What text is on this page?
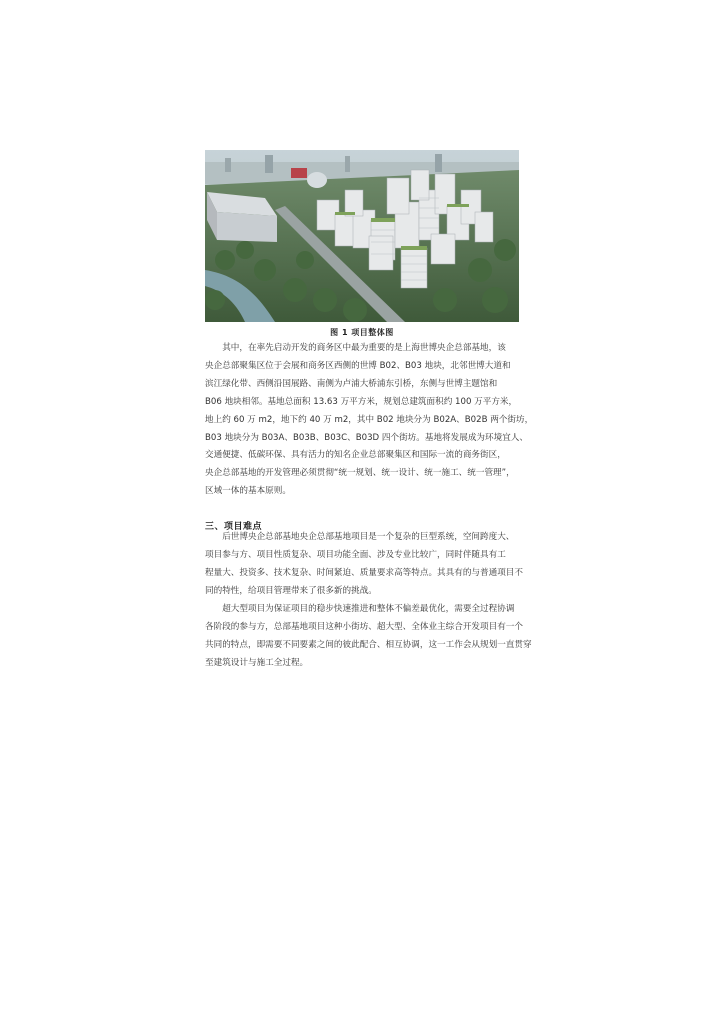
图 1 项目整体图
　　其中，在率先启动开发的商务区中最为重要的是上海世博央企总部基地，该
央企总部聚集区位于会展和商务区西侧的世博 B02、B03 地块，北邻世博大道和
滨江绿化带、西侧沿国展路、南侧为卢浦大桥浦东引桥，东侧与世博主题馆和
B06 地块相邻。基地总面积 13.63 万平方米，规划总建筑面积约 100 万平方米，
地上约 60 万 m2，地下约 40 万 m2，其中 B02 地块分为 B02A、B02B 两个街坊，
B03 地块分为 B03A、B03B、B03C、B03D 四个街坊。基地将发展成为环境宜人、
交通便捷、低碳环保、具有活力的知名企业总部聚集区和国际一流的商务街区，
央企总部基地的开发管理必须贯彻“统一规划、统一设计、统一施工、统一管理”，
区域一体的基本原则。
三、项目难点
　　后世博央企总部基地央企总部基地项目是一个复杂的巨型系统，空间跨度大、
项目参与方、项目性质复杂、项目功能全面、涉及专业比较广，同时伴随具有工
程量大、投资多、技术复杂、时间紧迫、质量要求高等特点。其具有的与普通项目不
同的特性，给项目管理带来了很多新的挑战。
　　超大型项目为保证项目的稳步快速推进和整体不偏差最优化，需要全过程协调
各阶段的参与方，总部基地项目这种小街坊、超大型、全体业主综合开发项目有一个
共同的特点，即需要不同要素之间的彼此配合、相互协调，这一工作会从规划一直贯穿
至建筑设计与施工全过程。
